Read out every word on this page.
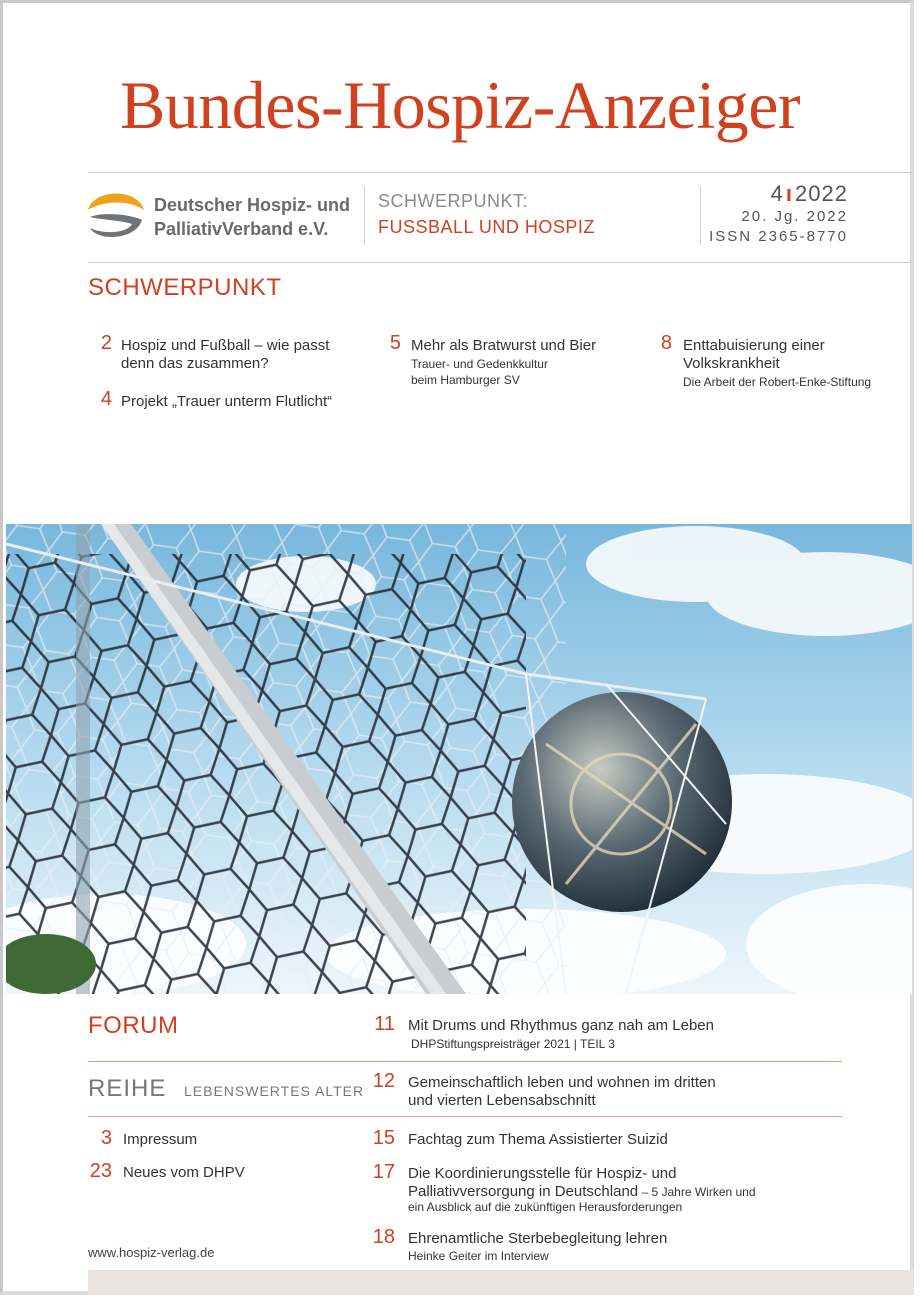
Bundes-Hospiz-Anzeiger
Deutscher Hospiz- und
PalliativVerband e.V.
SCHWERPUNKT:
FUSSBALL UND HOSPIZ
4ı2022
20. Jg. 2022
ISSN 2365-8770
SCHWERPUNKT
2 Hospiz und Fußball – wie passt
denn das zusammen?
4 Projekt „Trauer unterm Flutlicht“
5 Mehr als Bratwurst und Bier
Trauer- und Gedenkkultur
beim Hamburger SV
8 Enttabuisierung einer
Volkskrankheit
Die Arbeit der Robert-Enke-Stiftung
FORUM	11 Mit Drums und Rhythmus ganz nah am Leben
DHPStiftungspreisträger 2021 | TEIL 3
REIHE LEBENSWERTES ALTER 12 Gemeinschaftlich leben und wohnen im dritten
und vierten Lebensabschnitt
3 Impressum
23 Neues vom DHPV
15 Fachtag zum Thema Assistierter Suizid
17 Die Koordinierungsstelle für Hospiz- und
Palliativversorgung in Deutschland – 5 Jahre Wirken und
ein Ausblick auf die zukünftigen Herausforderungen
18 Ehrenamtliche Sterbebegleitung lehren
Heinke Geiter im Interview
www.hospiz-verlag.de
